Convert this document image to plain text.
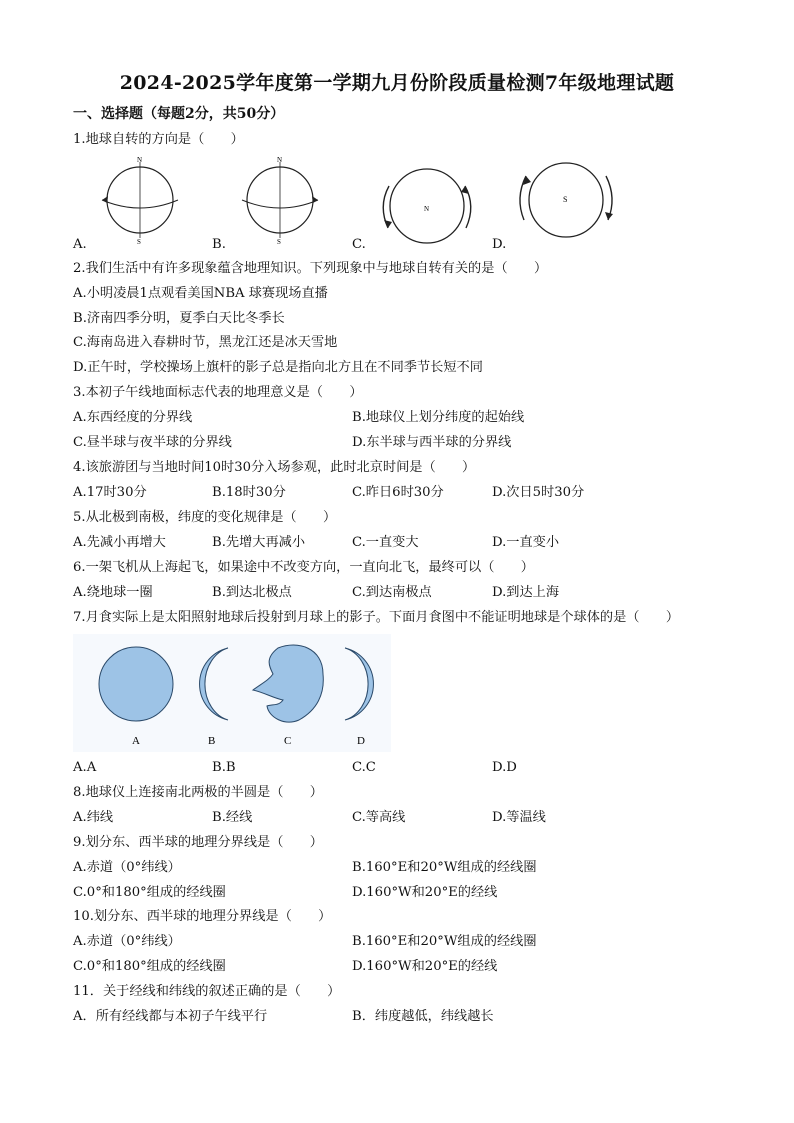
2024-2025学年度第一学期九月份阶段质量检测7年级地理试题
一、选择题（每题2分，共50分）
1.地球自转的方向是（　　）
N
S
N
S
N
S
A.	B.	C.	D.
2.我们生活中有许多现象蕴含地理知识。下列现象中与地球自转有关的是（　　）
A.小明凌晨1点观看美国NBA 球赛现场直播
B.济南四季分明，夏季白天比冬季长
C.海南岛进入春耕时节，黑龙江还是冰天雪地
D.正午时，学校操场上旗杆的影子总是指向北方且在不同季节长短不同
3.本初子午线地面标志代表的地理意义是（　　）
A.东西经度的分界线	B.地球仪上划分纬度的起始线
C.昼半球与夜半球的分界线	D.东半球与西半球的分界线
4.该旅游团与当地时间10时30分入场参观，此时北京时间是（　　）
A.17时30分	B.18时30分	C.昨日6时30分	D.次日5时30分
5.从北极到南极，纬度的变化规律是（　　）
A.先减小再增大	B.先增大再减小	C.一直变大	D.一直变小
6.一架飞机从上海起飞，如果途中不改变方向，一直向北飞，最终可以（　　）
A.绕地球一圈	B.到达北极点	C.到达南极点	D.到达上海
7.月食实际上是太阳照射地球后投射到月球上的影子。下面月食图中不能证明地球是个球体的是（　　）
A	B	C	D
A.A	B.B	C.C	D.D
8.地球仪上连接南北两极的半圆是（　　）
A.纬线	B.经线	C.等高线	D.等温线
9.划分东、西半球的地理分界线是（　　）
A.赤道（0°纬线）	B.160°E和20°W组成的经线圈
C.0°和180°组成的经线圈	D.160°W和20°E的经线
10.划分东、西半球的地理分界线是（　　）
A.赤道（0°纬线）	B.160°E和20°W组成的经线圈
C.0°和180°组成的经线圈	D.160°W和20°E的经线
11．关于经线和纬线的叙述正确的是（　　）
A．所有经线都与本初子午线平行	B．纬度越低，纬线越长
